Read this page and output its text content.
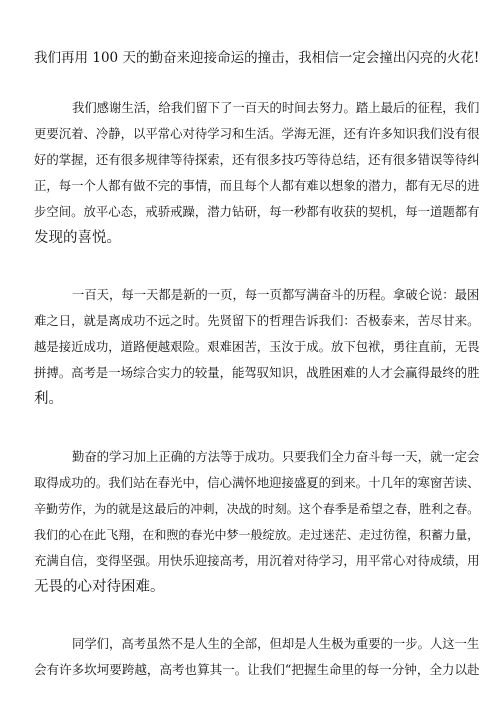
我们再用 100 天的勤奋来迎接命运的撞击，我相信一定会撞出闪亮的火花!
我们感谢生活，给我们留下了一百天的时间去努力。踏上最后的征程，我们
更要沉着、冷静，以平常心对待学习和生活。学海无涯，还有许多知识我们没有很
好的掌握，还有很多规律等待探索，还有很多技巧等待总结，还有很多错误等待纠
正，每一个人都有做不完的事情，而且每个人都有难以想象的潜力，都有无尽的进
步空间。放平心态，戒骄戒躁，潜力钻研，每一秒都有收获的契机，每一道题都有
发现的喜悦。
一百天，每一天都是新的一页，每一页都写满奋斗的历程。拿破仑说：最困
难之日，就是离成功不远之时。先贤留下的哲理告诉我们：否极泰来，苦尽甘来。
越是接近成功，道路便越艰险。艰难困苦，玉汝于成。放下包袱，勇往直前，无畏
拼搏。高考是一场综合实力的较量，能驾驭知识，战胜困难的人才会赢得最终的胜
利。
勤奋的学习加上正确的方法等于成功。只要我们全力奋斗每一天，就一定会
取得成功的。我们站在春光中，信心满怀地迎接盛夏的到来。十几年的寒窗苦读、
辛勤劳作，为的就是这最后的冲刺，决战的时刻。这个春季是希望之春，胜利之春。
我们的心在此飞翔，在和煦的春光中梦一般绽放。走过迷茫、走过彷徨，积蓄力量，
充满自信，变得坚强。用快乐迎接高考，用沉着对待学习，用平常心对待成绩，用
无畏的心对待困难。
同学们，高考虽然不是人生的全部，但却是人生极为重要的一步。人这一生
会有许多坎坷要跨越，高考也算其一。让我们“把握生命里的每一分钟，全力以赴
